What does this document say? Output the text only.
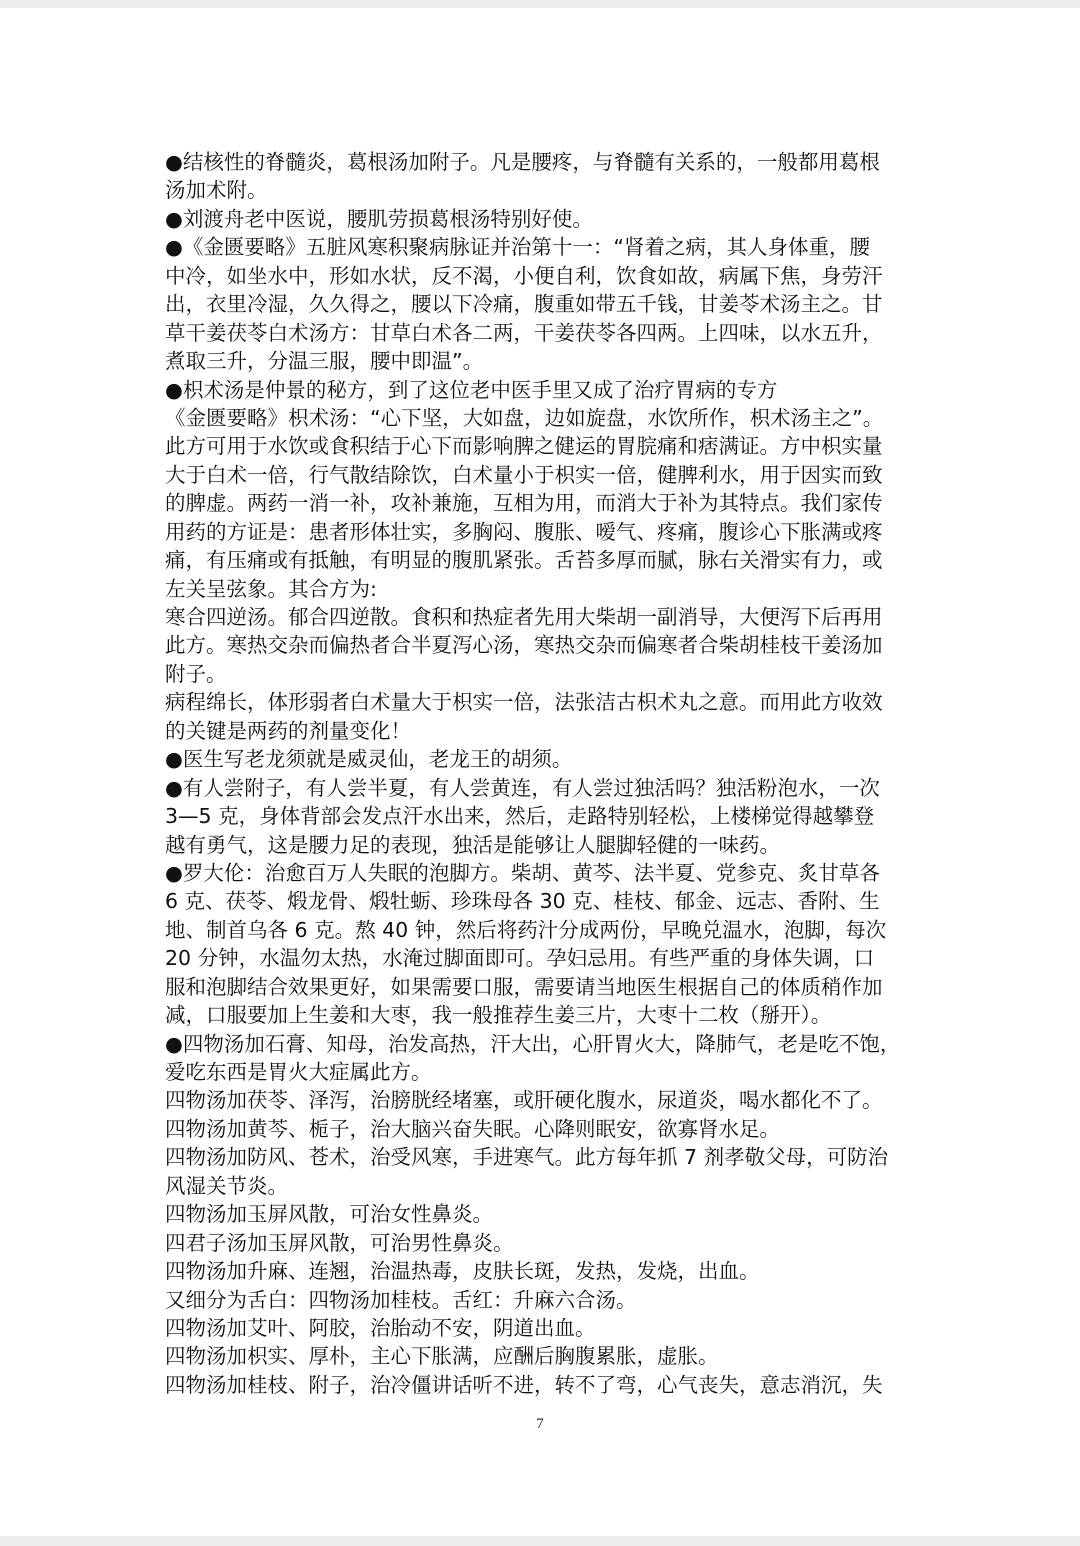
●结核性的脊髓炎，葛根汤加附子。凡是腰疼，与脊髓有关系的，一般都用葛根
汤加术附。
●刘渡舟老中医说，腰肌劳损葛根汤特别好使。
●《金匮要略》五脏风寒积聚病脉证并治第十一：“肾着之病，其人身体重，腰
中冷，如坐水中，形如水状，反不渴，小便自利，饮食如故，病属下焦，身劳汗
出，衣里冷湿，久久得之，腰以下冷痛，腹重如带五千钱，甘姜苓术汤主之。甘
草干姜茯苓白术汤方：甘草白术各二两，干姜茯苓各四两。上四味，以水五升，
煮取三升，分温三服，腰中即温”。
●枳术汤是仲景的秘方，到了这位老中医手里又成了治疗胃病的专方
《金匮要略》枳术汤：“心下坚，大如盘，边如旋盘，水饮所作，枳术汤主之”。
此方可用于水饮或食积结于心下而影响脾之健运的胃脘痛和痞满证。方中枳实量
大于白术一倍，行气散结除饮，白术量小于枳实一倍，健脾利水，用于因实而致
的脾虚。两药一消一补，攻补兼施，互相为用，而消大于补为其特点。我们家传
用药的方证是：患者形体壮实，多胸闷、腹胀、嗳气、疼痛，腹诊心下胀满或疼
痛，有压痛或有抵触，有明显的腹肌紧张。舌苔多厚而腻，脉右关滑实有力，或
左关呈弦象。其合方为:
寒合四逆汤。郁合四逆散。食积和热症者先用大柴胡一副消导，大便泻下后再用
此方。寒热交杂而偏热者合半夏泻心汤，寒热交杂而偏寒者合柴胡桂枝干姜汤加
附子。
病程绵长，体形弱者白术量大于枳实一倍，法张洁古枳术丸之意。而用此方收效
的关键是两药的剂量变化！
●医生写老龙须就是威灵仙，老龙王的胡须。
●有人尝附子，有人尝半夏，有人尝黄连，有人尝过独活吗？独活粉泡水，一次
3—5 克，身体背部会发点汗水出来，然后，走路特别轻松，上楼梯觉得越攀登
越有勇气，这是腰力足的表现，独活是能够让人腿脚轻健的一味药。
●罗大伦：治愈百万人失眠的泡脚方。柴胡、黄芩、法半夏、党参克、炙甘草各
6 克、茯苓、煅龙骨、煅牡蛎、珍珠母各 30 克、桂枝、郁金、远志、香附、生
地、制首乌各 6 克。熬 40 钟，然后将药汁分成两份，早晚兑温水，泡脚，每次
20 分钟，水温勿太热，水淹过脚面即可。孕妇忌用。有些严重的身体失调，口
服和泡脚结合效果更好，如果需要口服，需要请当地医生根据自己的体质稍作加
减，口服要加上生姜和大枣，我一般推荐生姜三片，大枣十二枚（掰开）。
●四物汤加石膏、知母，治发高热，汗大出，心肝胃火大，降肺气，老是吃不饱，
爱吃东西是胃火大症属此方。
四物汤加茯苓、泽泻，治膀胱经堵塞，或肝硬化腹水，尿道炎，喝水都化不了。
四物汤加黄芩、栀子，治大脑兴奋失眠。心降则眠安，欲寡肾水足。
四物汤加防风、苍术，治受风寒，手进寒气。此方每年抓 7 剂孝敬父母，可防治
风湿关节炎。
四物汤加玉屏风散，可治女性鼻炎。
四君子汤加玉屏风散，可治男性鼻炎。
四物汤加升麻、连翘，治温热毒，皮肤长斑，发热，发烧，出血。
又细分为舌白：四物汤加桂枝。舌红：升麻六合汤。
四物汤加艾叶、阿胶，治胎动不安，阴道出血。
四物汤加枳实、厚朴，主心下胀满，应酬后胸腹累胀，虚胀。
四物汤加桂枝、附子，治冷僵讲话听不进，转不了弯，心气丧失，意志消沉，失
7
